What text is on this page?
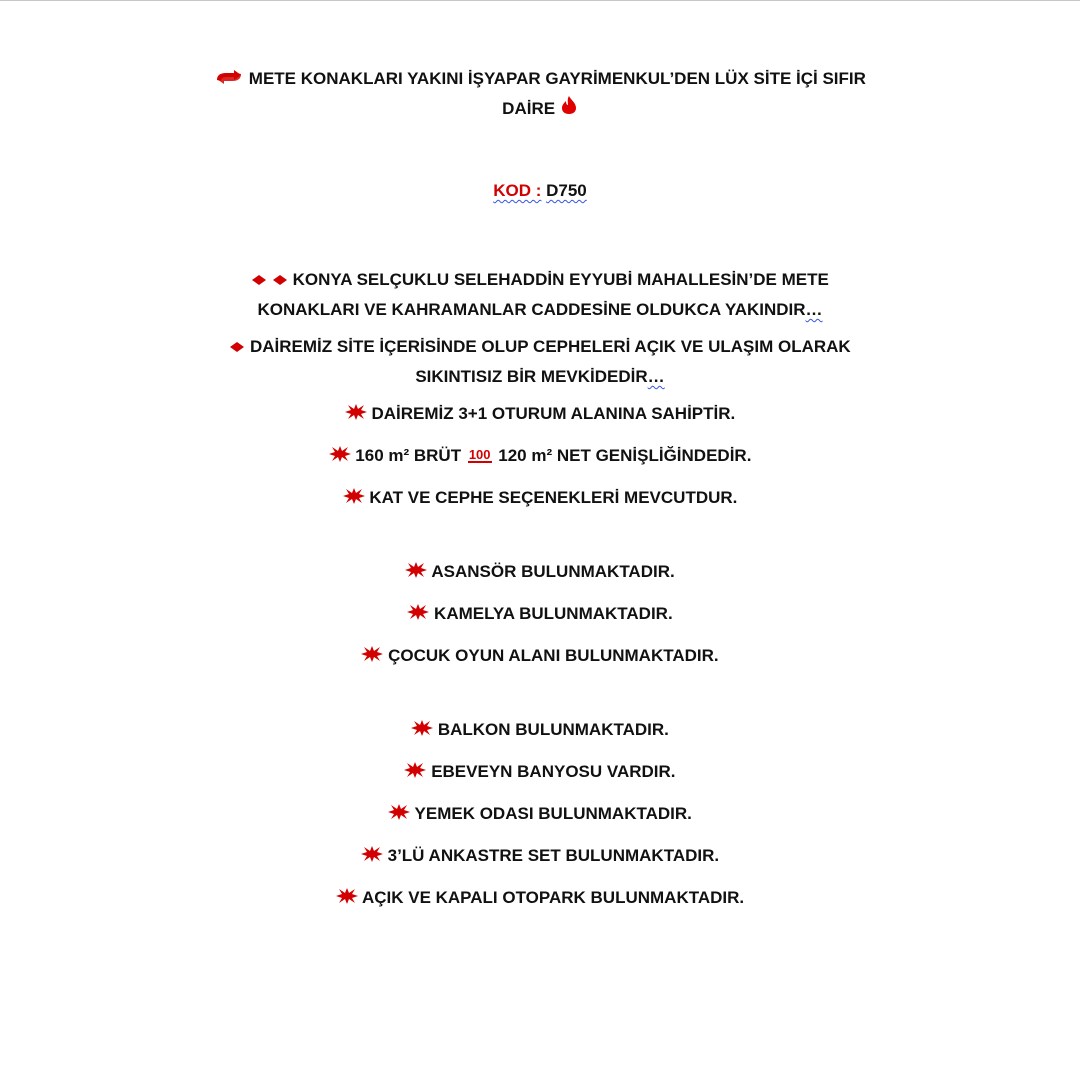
METE KONAKLARI YAKINI İŞYAPAR GAYRİMENKUL’DEN LÜX SİTE İÇİ SIFIR
DAİRE

KOD : D750

KONYA SELÇUKLU SELEHADDİN EYYUBİ MAHALLESİN’DE METE
KONAKLARI VE KAHRAMANLAR CADDESİNE OLDUKCA YAKINDIR…

DAİREMİZ SİTE İÇERİSİNDE OLUP CEPHELERİ AÇIK VE ULAŞIM OLARAK
SIKINTISIZ BİR MEVKİDEDİR…

DAİREMİZ 3+1 OTURUM ALANINA SAHİPTİR.

160 m² BRÜT 100 120 m² NET GENİŞLİĞİNDEDİR.

KAT VE CEPHE SEÇENEKLERİ MEVCUTDUR.

ASANSÖR BULUNMAKTADIR.

KAMELYA BULUNMAKTADIR.

ÇOCUK OYUN ALANI BULUNMAKTADIR.

BALKON BULUNMAKTADIR.

EBEVEYN BANYOSU VARDIR.

YEMEK ODASI BULUNMAKTADIR.

3’LÜ ANKASTRE SET BULUNMAKTADIR.

AÇIK VE KAPALI OTOPARK BULUNMAKTADIR.
